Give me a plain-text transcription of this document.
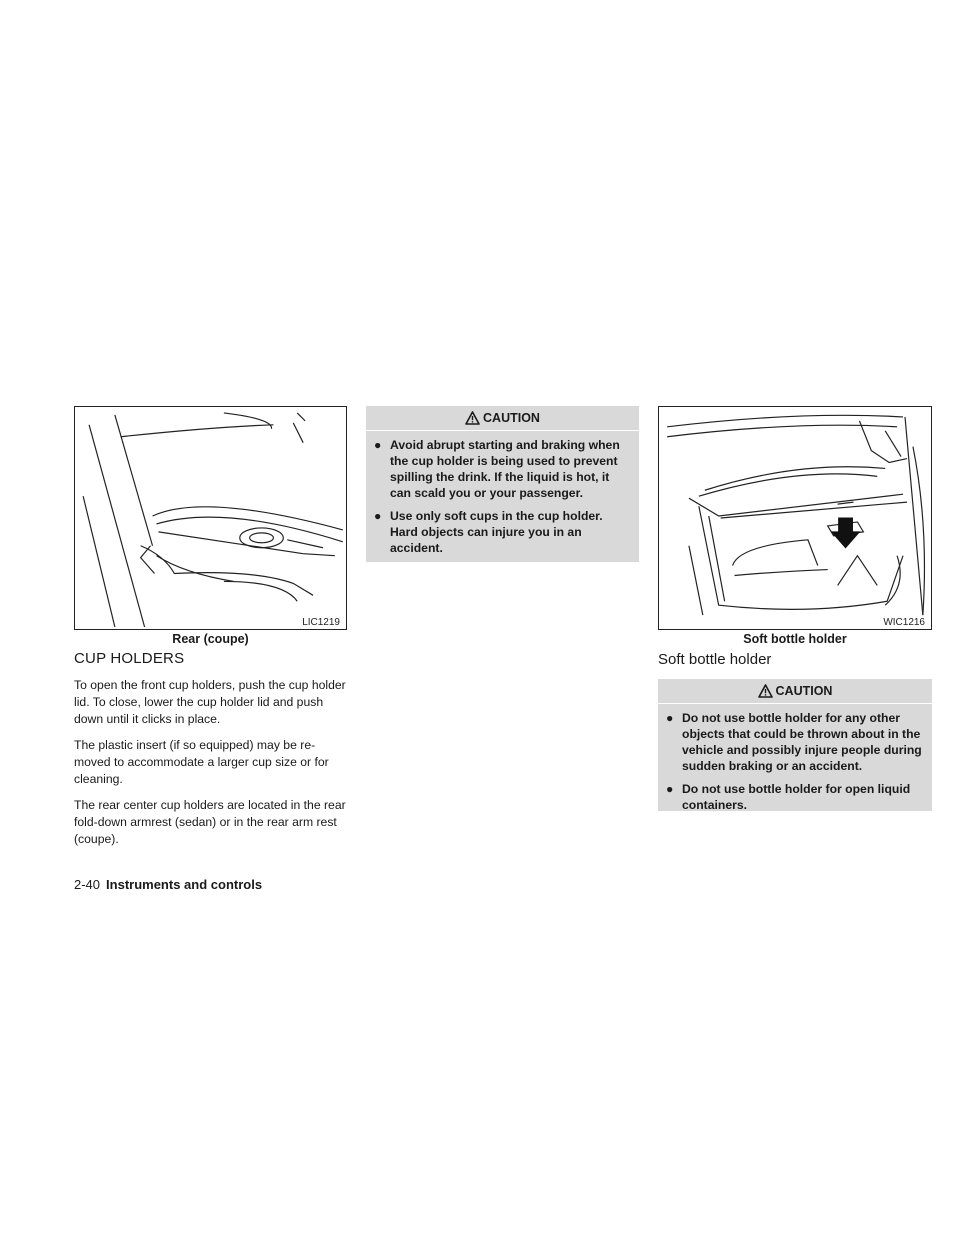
LIC1219
Rear (coupe)
CUP HOLDERS

To open the front cup holders, push the cup holder lid. To close, lower the cup holder lid and push down until it clicks in place.

The plastic insert (if so equipped) may be re-moved to accommodate a larger cup size or for cleaning.

The rear center cup holders are located in the rear fold-down armrest (sedan) or in the rear arm rest (coupe).

CAUTION
● Avoid abrupt starting and braking when the cup holder is being used to prevent spilling the drink. If the liquid is hot, it can scald you or your passenger.
● Use only soft cups in the cup holder. Hard objects can injure you in an accident.
WIC1216
Soft bottle holder
Soft bottle holder
CAUTION
● Do not use bottle holder for any other objects that could be thrown about in the vehicle and possibly injure people during sudden braking or an accident.
● Do not use bottle holder for open liquid containers.
2-40 Instruments and controls
